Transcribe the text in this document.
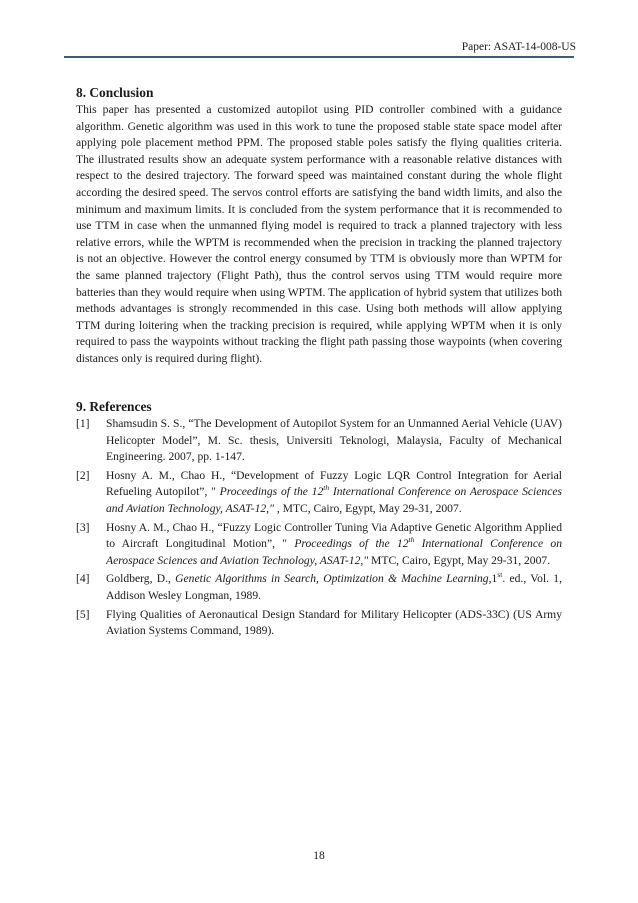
Paper: ASAT-14-008-US
8. Conclusion

This paper has presented a customized autopilot using PID controller combined with a guidance algorithm. Genetic algorithm was used in this work to tune the proposed stable state space model after applying pole placement method PPM. The proposed stable poles satisfy the flying qualities criteria. The illustrated results show an adequate system performance with a reasonable relative distances with respect to the desired trajectory. The forward speed was maintained constant during the whole flight according the desired speed. The servos control efforts are satisfying the band width limits, and also the minimum and maximum limits. It is concluded from the system performance that it is recommended to use TTM in case when the unmanned flying model is required to track a planned trajectory with less relative errors, while the WPTM is recommended when the precision in tracking the planned trajectory is not an objective. However the control energy consumed by TTM is obviously more than WPTM for the same planned trajectory (Flight Path), thus the control servos using TTM would require more batteries than they would require when using WPTM. The application of hybrid system that utilizes both methods advantages is strongly recommended in this case. Using both methods will allow applying TTM during loitering when the tracking precision is required, while applying WPTM when it is only required to pass the waypoints without tracking the flight path passing those waypoints (when covering distances only is required during flight).

9. References
[1]	Shamsudin S. S., “The Development of Autopilot System for an Unmanned Aerial Vehicle (UAV) Helicopter Model”, M. Sc. thesis, Universiti Teknologi, Malaysia, Faculty of Mechanical Engineering. 2007, pp. 1-147.
[2]	Hosny A. M., Chao H., “Development of Fuzzy Logic LQR Control Integration for Aerial Refueling Autopilot”, " Proceedings of the 12th International Conference on Aerospace Sciences and Aviation Technology, ASAT-12," , MTC, Cairo, Egypt, May 29-31, 2007.
[3]	Hosny A. M., Chao H., “Fuzzy Logic Controller Tuning Via Adaptive Genetic Algorithm Applied to Aircraft Longitudinal Motion”, " Proceedings of the 12th International Conference on Aerospace Sciences and Aviation Technology, ASAT-12," MTC, Cairo, Egypt, May 29-31, 2007.
[4]	Goldberg, D., Genetic Algorithms in Search, Optimization & Machine Learning,1st. ed., Vol. 1, Addison Wesley Longman, 1989.
[5]	Flying Qualities of Aeronautical Design Standard for Military Helicopter (ADS-33C) (US Army Aviation Systems Command, 1989).
18
